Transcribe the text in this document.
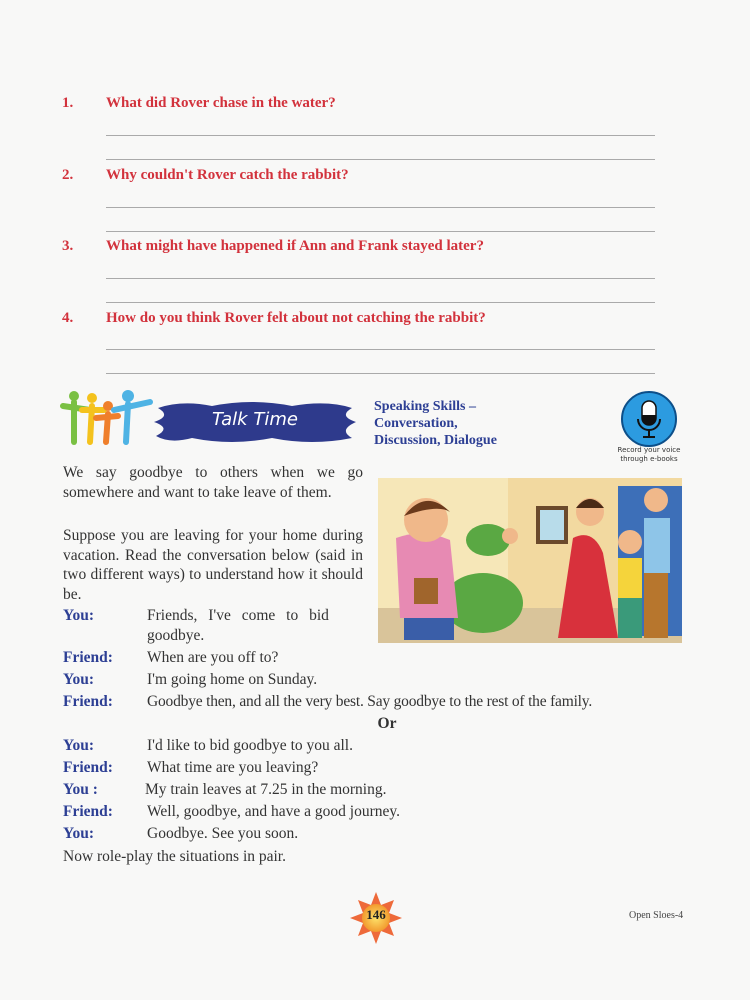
1. What did Rover chase in the water?
2. Why couldn't Rover catch the rabbit?
3. What might have happened if Ann and Frank stayed later?
4. How do you think Rover felt about not catching the rabbit?
Talk Time
Speaking Skills –
Conversation,
Discussion, Dialogue
Record your voice
through e-books
We say goodbye to others when we go somewhere and want to take leave of them.
Suppose you are leaving for your home during vacation. Read the conversation below (said in two different ways) to understand how it should be.
You:	Friends, I've come to bid
goodbye.
Friend: When are you off to?
You:	I'm going home on Sunday.
Friend: Goodbye then, and all the very best. Say goodbye to the rest of the family.
Or
You:	I'd like to bid goodbye to you all.
Friend: What time are you leaving?
You :	My train leaves at 7.25 in the morning.
Friend: Well, goodbye, and have a good journey.
You:	Goodbye. See you soon.
Now role-play the situations in pair.
146	Open Sloes-4
